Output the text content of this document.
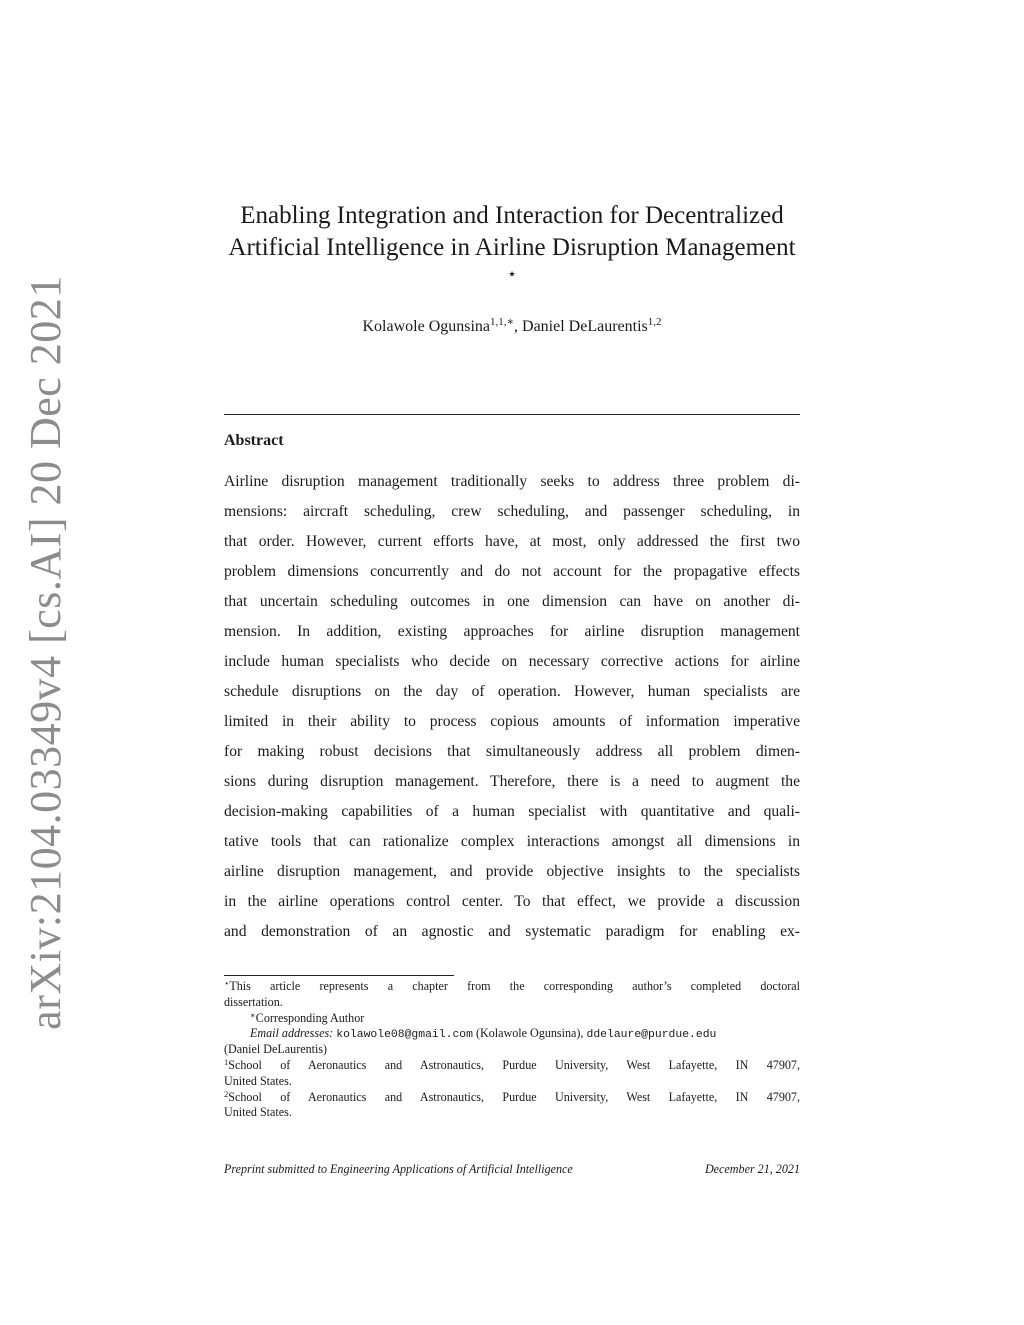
arXiv:2104.03349v4 [cs.AI] 20 Dec 2021
Enabling Integration and Interaction for Decentralized
Artificial Intelligence in Airline Disruption Management
⋆
Kolawole Ogunsina$^{1,1,∗}$, Daniel DeLaurentis$^{1,2}$
Abstract
Airline disruption management traditionally seeks to address three problem di-
mensions: aircraft scheduling, crew scheduling, and passenger scheduling, in
that order. However, current efforts have, at most, only addressed the first two
problem dimensions concurrently and do not account for the propagative effects
that uncertain scheduling outcomes in one dimension can have on another di-
mension. In addition, existing approaches for airline disruption management
include human specialists who decide on necessary corrective actions for airline
schedule disruptions on the day of operation. However, human specialists are
limited in their ability to process copious amounts of information imperative
for making robust decisions that simultaneously address all problem dimen-
sions during disruption management. Therefore, there is a need to augment the
decision-making capabilities of a human specialist with quantitative and quali-
tative tools that can rationalize complex interactions amongst all dimensions in
airline disruption management, and provide objective insights to the specialists
in the airline operations control center. To that effect, we provide a discussion
and demonstration of an agnostic and systematic paradigm for enabling ex-
⋆This article represents a chapter from the corresponding author’s completed doctoral
dissertation.
∗Corresponding Author
Email addresses: kolawole08@gmail.com (Kolawole Ogunsina), ddelaure@purdue.edu
(Daniel DeLaurentis)
$^1$School of Aeronautics and Astronautics, Purdue University, West Lafayette, IN 47907,
United States.
$^2$School of Aeronautics and Astronautics, Purdue University, West Lafayette, IN 47907,
United States.
Preprint submitted to Engineering Applications of Artificial Intelligence	December 21, 2021
